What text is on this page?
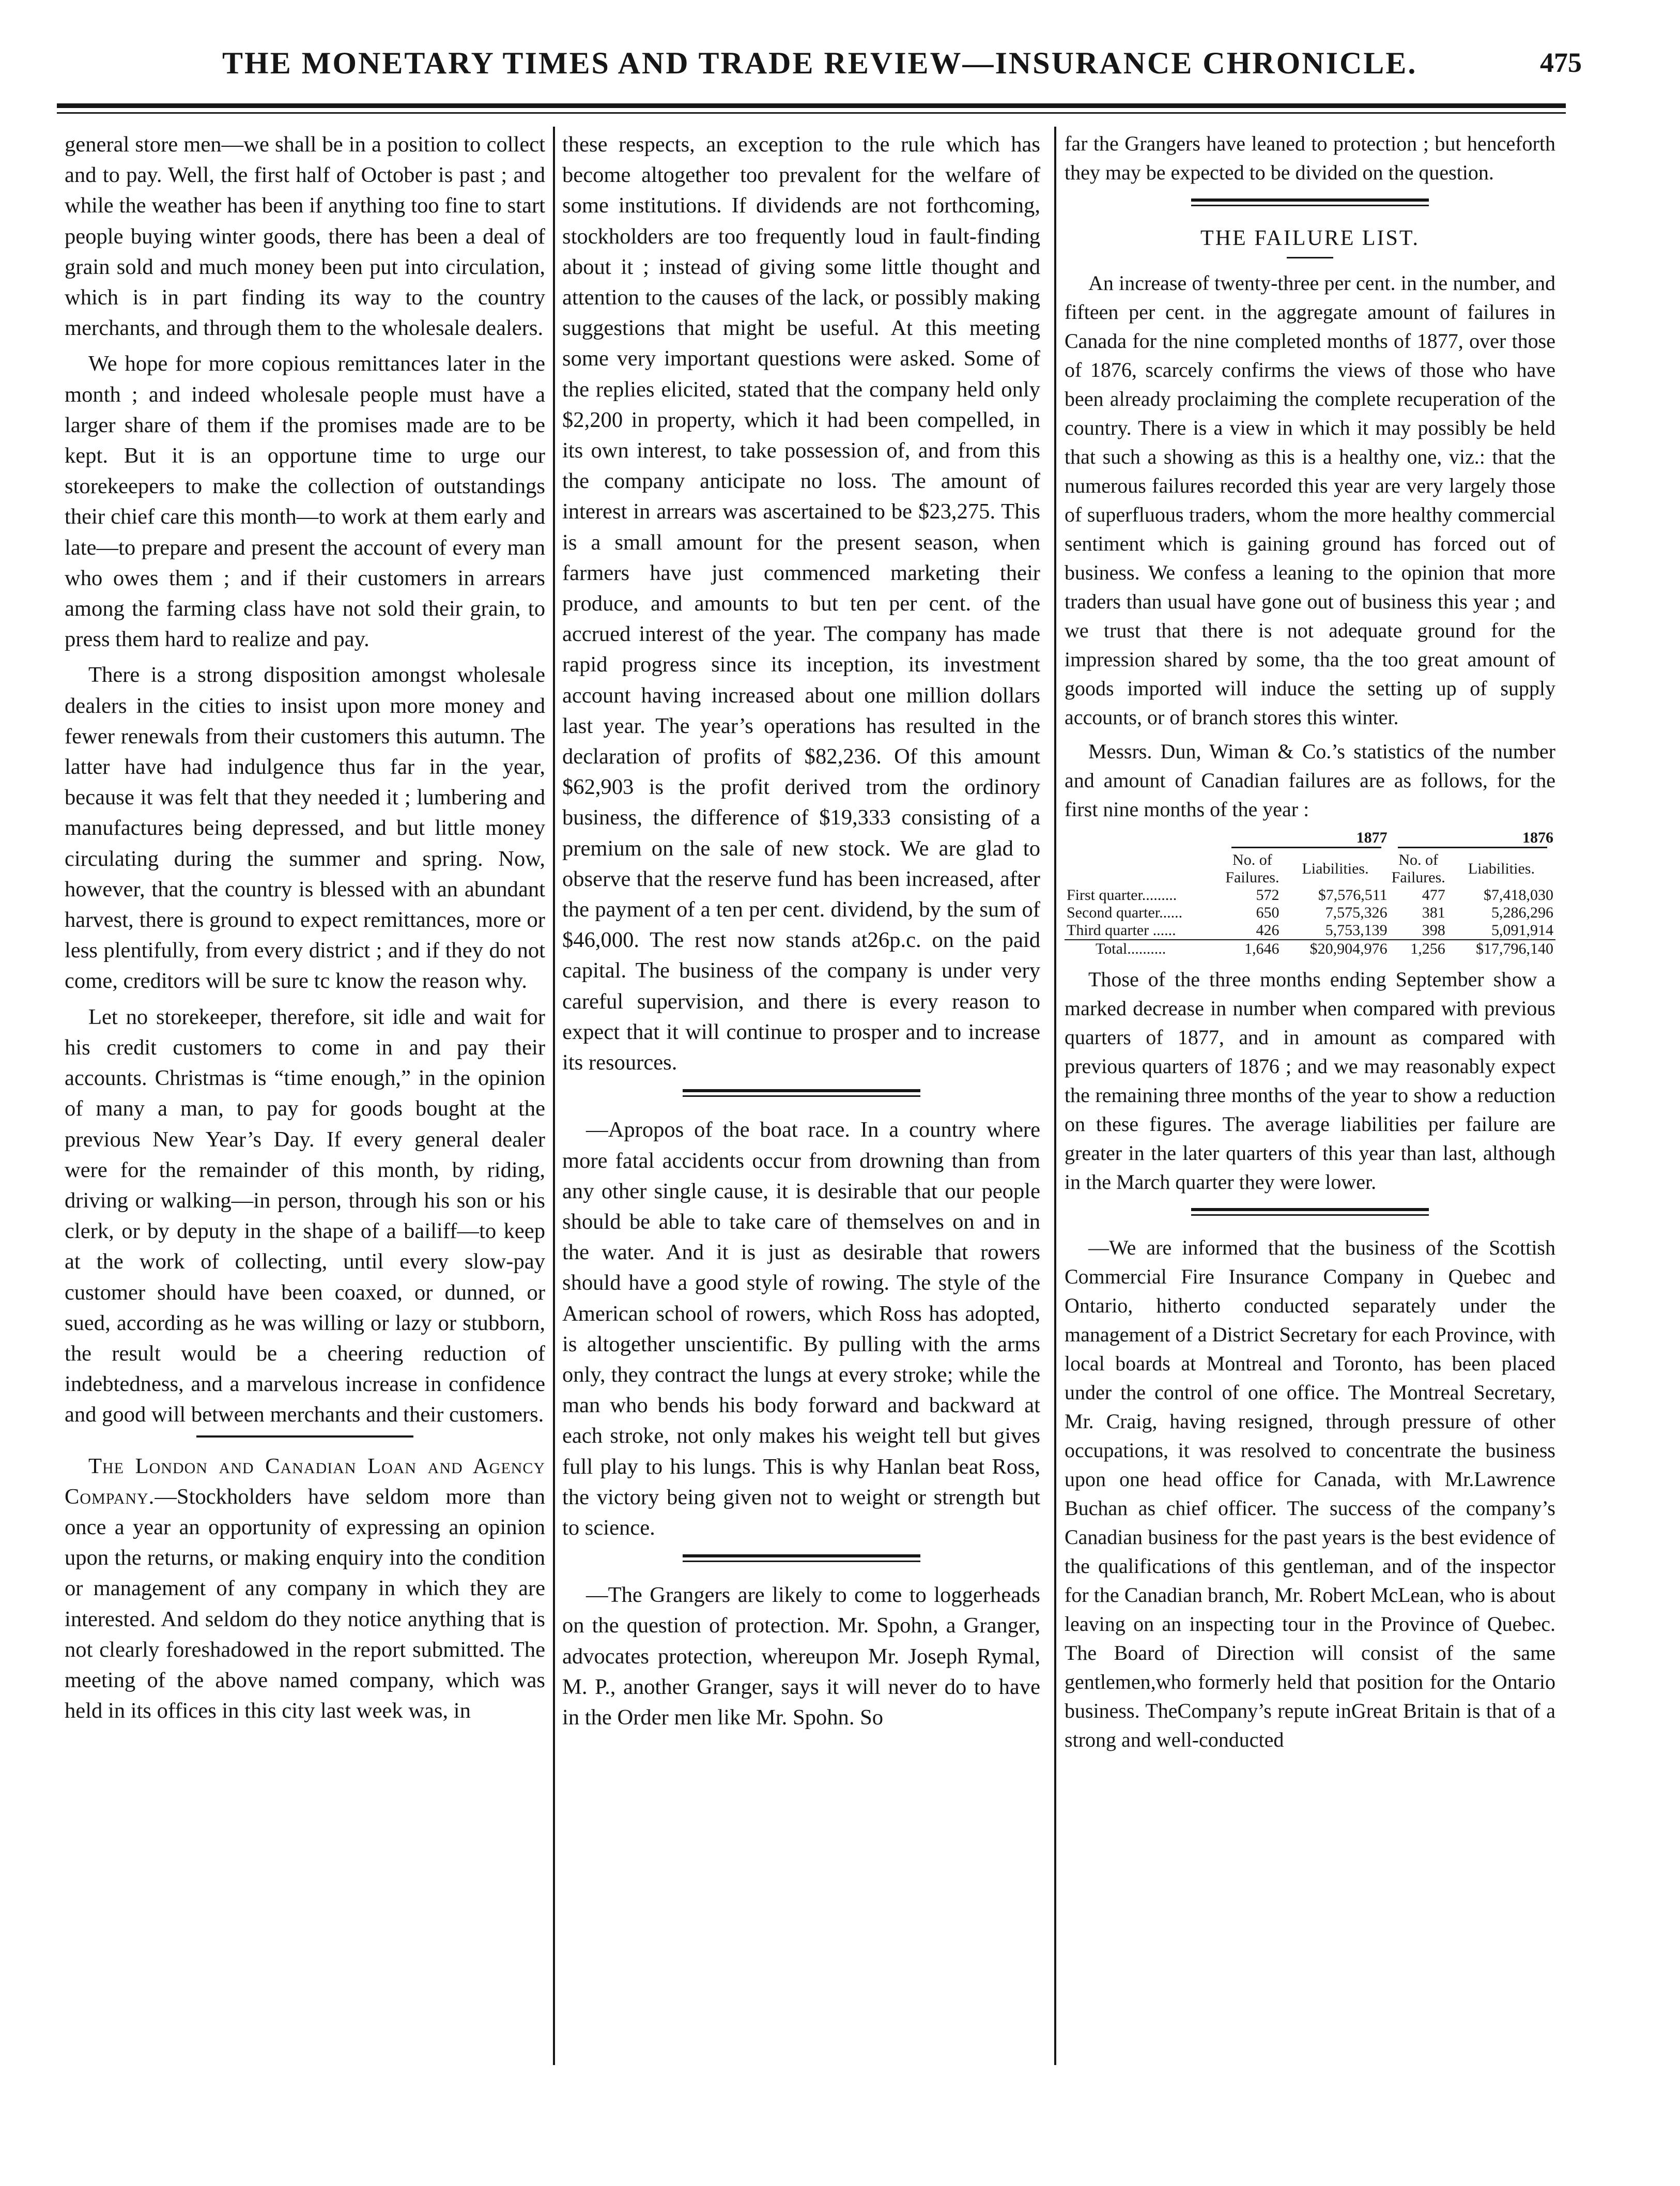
THE MONETARY TIMES AND TRADE REVIEW—INSURANCE CHRONICLE.	475

general store men—we shall be in a position to collect and to pay. Well, the first half of October is past ; and while the weather has been if anything too fine to start people buying winter goods, there has been a deal of grain sold and much money been put into circulation, which is in part finding its way to the country merchants, and through them to the wholesale dealers.

We hope for more copious remittances later in the month ; and indeed wholesale people must have a larger share of them if the promises made are to be kept. But it is an opportune time to urge our storekeepers to make the collection of outstandings their chief care this month—to work at them early and late—to prepare and present the account of every man who owes them ; and if their customers in arrears among the farming class have not sold their grain, to press them hard to realize and pay.

There is a strong disposition amongst wholesale dealers in the cities to insist upon more money and fewer renewals from their customers this autumn. The latter have had indulgence thus far in the year, because it was felt that they needed it ; lumbering and manufactures being depressed, and but little money circulating during the summer and spring. Now, however, that the country is blessed with an abundant harvest, there is ground to expect remittances, more or less plentifully, from every district ; and if they do not come, creditors will be sure tc know the reason why.

Let no storekeeper, therefore, sit idle and wait for his credit customers to come in and pay their accounts. Christmas is “time enough,” in the opinion of many a man, to pay for goods bought at the previous New Year’s Day. If every general dealer were for the remainder of this month, by riding, driving or walking—in person, through his son or his clerk, or by deputy in the shape of a bailiff—to keep at the work of collecting, until every slow-pay customer should have been coaxed, or dunned, or sued, according as he was willing or lazy or stubborn, the result would be a cheering reduction of indebtedness, and a marvelous increase in confidence and good will between merchants and their customers.

The London and Canadian Loan and Agency Company.—Stockholders have seldom more than once a year an opportunity of expressing an opinion upon the returns, or making enquiry into the condition or management of any company in which they are interested. And seldom do they notice anything that is not clearly foreshadowed in the report submitted. The meeting of the above named company, which was held in its offices in this city last week was, in

these respects, an exception to the rule which has become altogether too prevalent for the welfare of some institutions. If dividends are not forthcoming, stockholders are too frequently loud in fault-finding about it ; instead of giving some little thought and attention to the causes of the lack, or possibly making suggestions that might be useful. At this meeting some very important questions were asked. Some of the replies elicited, stated that the company held only $2,200 in property, which it had been compelled, in its own interest, to take possession of, and from this the company anticipate no loss. The amount of interest in arrears was ascertained to be $23,275. This is a small amount for the present season, when farmers have just commenced marketing their produce, and amounts to but ten per cent. of the accrued interest of the year. The company has made rapid progress since its inception, its investment account having increased about one million dollars last year. The year’s operations has resulted in the declaration of profits of $82,236. Of this amount $62,903 is the profit derived trom the ordinory business, the difference of $19,333 consisting of a premium on the sale of new stock. We are glad to observe that the reserve fund has been increased, after the payment of a ten per cent. dividend, by the sum of $46,000. The rest now stands at26p.c. on the paid capital. The business of the company is under very careful supervision, and there is every reason to expect that it will continue to prosper and to increase its resources.

—Apropos of the boat race. In a country where more fatal accidents occur from drowning than from any other single cause, it is desirable that our people should be able to take care of themselves on and in the water. And it is just as desirable that rowers should have a good style of rowing. The style of the American school of rowers, which Ross has adopted, is altogether unscientific. By pulling with the arms only, they contract the lungs at every stroke; while the man who bends his body forward and backward at each stroke, not only makes his weight tell but gives full play to his lungs. This is why Hanlan beat Ross, the victory being given not to weight or strength but to science.

—The Grangers are likely to come to loggerheads on the question of protection. Mr. Spohn, a Granger, advocates protection, whereupon Mr. Joseph Rymal, M. P., another Granger, says it will never do to have in the Order men like Mr. Spohn. So

far the Grangers have leaned to protection ; but henceforth they may be expected to be divided on the question.

THE FAILURE LIST.

An increase of twenty-three per cent. in the number, and fifteen per cent. in the aggregate amount of failures in Canada for the nine completed months of 1877, over those of 1876, scarcely confirms the views of those who have been already proclaiming the complete recuperation of the country. There is a view in which it may possibly be held that such a showing as this is a healthy one, viz.: that the numerous failures recorded this year are very largely those of superfluous traders, whom the more healthy commercial sentiment which is gaining ground has forced out of business. We confess a leaning to the opinion that more traders than usual have gone out of business this year ; and we trust that there is not adequate ground for the impression shared by some, tha the too great amount of goods imported will induce the setting up of supply accounts, or of branch stores this winter.

Messrs. Dun, Wiman & Co.’s statistics of the number and amount of Canadian failures are as follows, for the first nine months of the year :

	1877		1876	

	No. of Failures.	Liabilities.	No. of Failures.	Liabilities.
First quarter.........	572	$7,576,511	477	$7,418,030
Second quarter......	650	7,575,326	381	5,286,296
Third quarter ......	426	5,753,139	398	5,091,914
Total..........	1,646	$20,904,976	1,256	$17,796,140

Those of the three months ending September show a marked decrease in number when compared with previous quarters of 1877, and in amount as compared with previous quarters of 1876 ; and we may reasonably expect the remaining three months of the year to show a reduction on these figures. The average liabilities per failure are greater in the later quarters of this year than last, although in the March quarter they were lower.

—We are informed that the business of the Scottish Commercial Fire Insurance Company in Quebec and Ontario, hitherto conducted separately under the management of a District Secretary for each Province, with local boards at Montreal and Toronto, has been placed under the control of one office. The Montreal Secretary, Mr. Craig, having resigned, through pressure of other occupations, it was resolved to concentrate the business upon one head office for Canada, with Mr.Lawrence Buchan as chief officer. The success of the company’s Canadian business for the past years is the best evidence of the qualifications of this gentleman, and of the inspector for the Canadian branch, Mr. Robert McLean, who is about leaving on an inspecting tour in the Province of Quebec. The Board of Direction will consist of the same gentlemen,who formerly held that position for the Ontario business. TheCompany’s repute inGreat Britain is that of a strong and well-conducted
